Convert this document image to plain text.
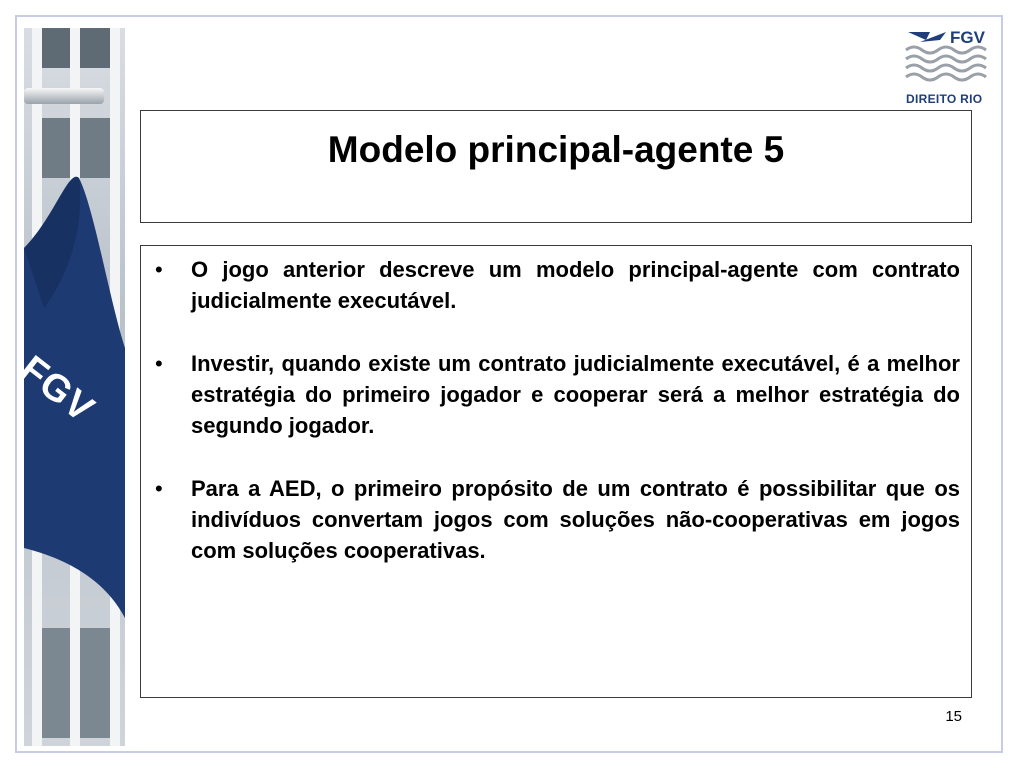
FGV
FGV
DIREITO RIO
Modelo principal-agente 5
• O jogo anterior descreve um modelo principal-agente com contrato judicialmente executável.
• Investir, quando existe um contrato judicialmente executável, é a melhor estratégia do primeiro jogador e cooperar será a melhor estratégia do segundo jogador.
• Para a AED, o primeiro propósito de um contrato é possibilitar que os indivíduos convertam jogos com soluções não-cooperativas em jogos com soluções cooperativas.
15
